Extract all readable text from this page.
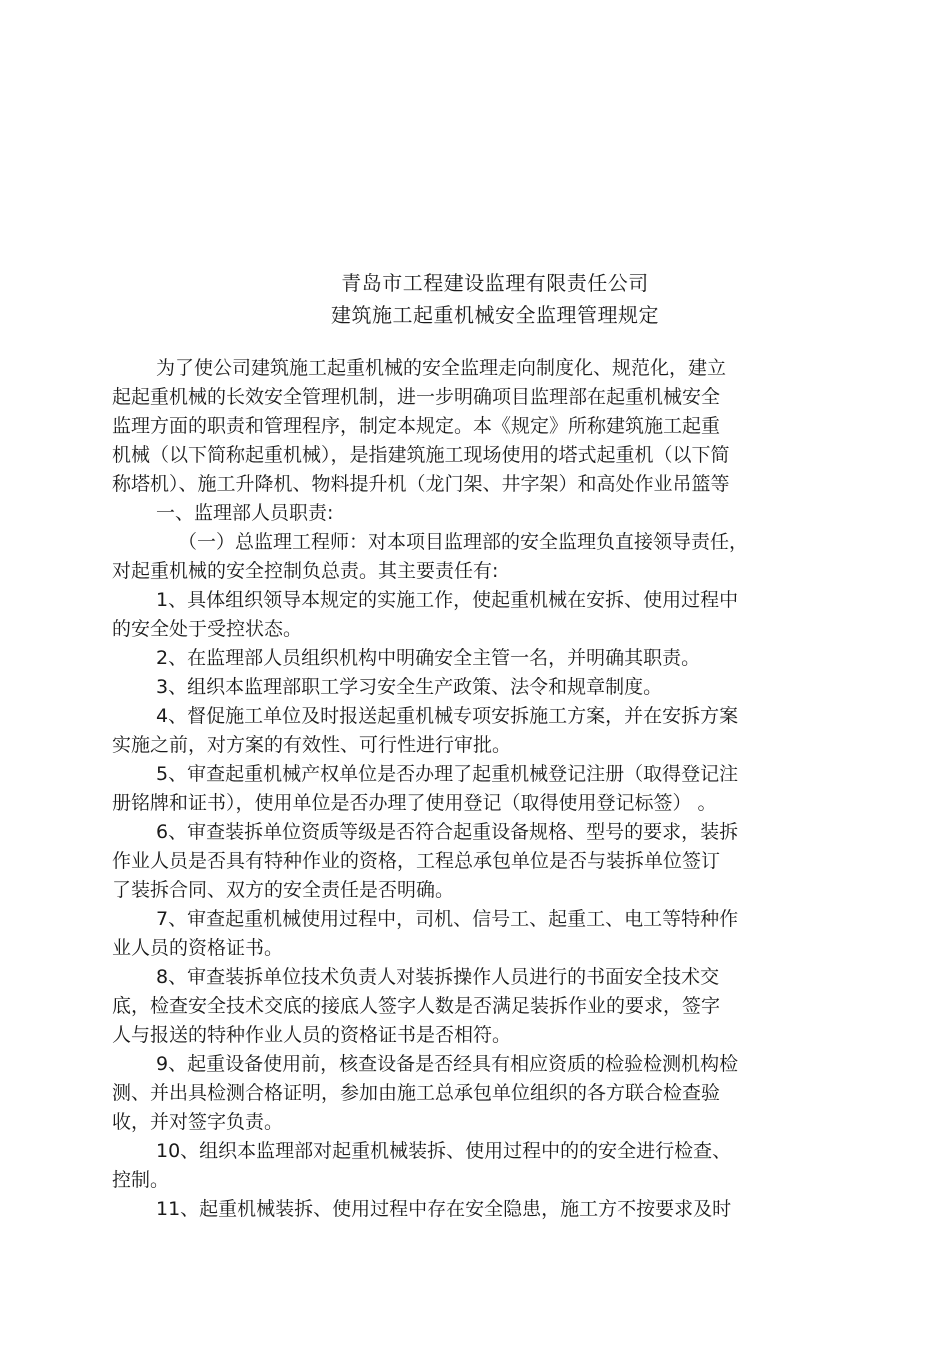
青岛市工程建设监理有限责任公司
建筑施工起重机械安全监理管理规定
为了使公司建筑施工起重机械的安全监理走向制度化、规范化，建立
起起重机械的长效安全管理机制，进一步明确项目监理部在起重机械安全
监理方面的职责和管理程序，制定本规定。本《规定》所称建筑施工起重
机械（以下简称起重机械），是指建筑施工现场使用的塔式起重机（以下简
称塔机）、施工升降机、物料提升机（龙门架、井字架）和高处作业吊篮等
一、监理部人员职责:
（一）总监理工程师：对本项目监理部的安全监理负直接领导责任，
对起重机械的安全控制负总责。其主要责任有:
1、具体组织领导本规定的实施工作，使起重机械在安拆、使用过程中
的安全处于受控状态。
2、在监理部人员组织机构中明确安全主管一名，并明确其职责。
3、组织本监理部职工学习安全生产政策、法令和规章制度。
4、督促施工单位及时报送起重机械专项安拆施工方案，并在安拆方案
实施之前，对方案的有效性、可行性进行审批。
5、审查起重机械产权单位是否办理了起重机械登记注册（取得登记注
册铭牌和证书），使用单位是否办理了使用登记（取得使用登记标签） 。
6、审查装拆单位资质等级是否符合起重设备规格、型号的要求，装拆
作业人员是否具有特种作业的资格，工程总承包单位是否与装拆单位签订
了装拆合同、双方的安全责任是否明确。
7、审查起重机械使用过程中，司机、信号工、起重工、电工等特种作
业人员的资格证书。
8、审查装拆单位技术负责人对装拆操作人员进行的书面安全技术交
底，检查安全技术交底的接底人签字人数是否满足装拆作业的要求，签字
人与报送的特种作业人员的资格证书是否相符。
9、起重设备使用前，核查设备是否经具有相应资质的检验检测机构检
测、并出具检测合格证明，参加由施工总承包单位组织的各方联合检查验
收，并对签字负责。
10、组织本监理部对起重机械装拆、使用过程中的的安全进行检查、
控制。
11、起重机械装拆、使用过程中存在安全隐患，施工方不按要求及时
